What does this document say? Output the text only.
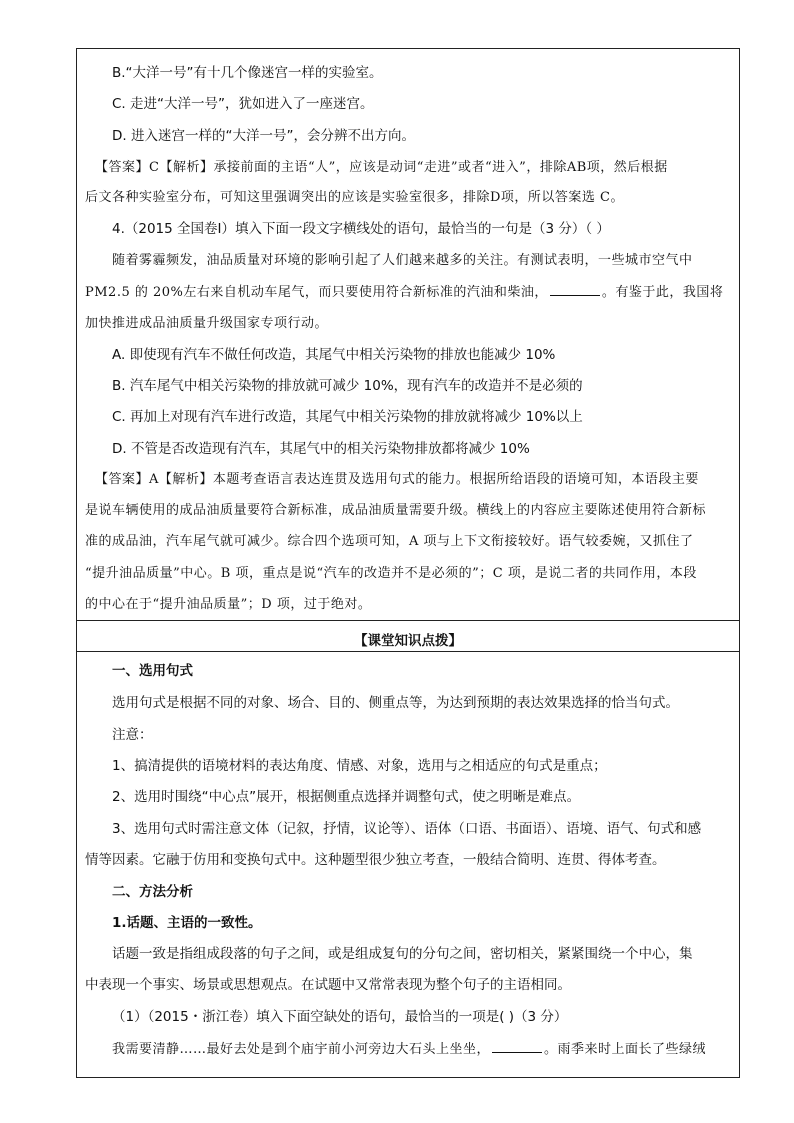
B.“大洋一号”有十几个像迷宫一样的实验室。
C. 走进“大洋一号”，犹如进入了一座迷宫。
D. 进入迷宫一样的“大洋一号”，会分辨不出方向。
【答案】C【解析】承接前面的主语“人”，应该是动词“走进”或者“进入”，排除AB项，然后根据
后文各种实验室分布，可知这里强调突出的应该是实验室很多，排除D项，所以答案选 C。
4.（2015 全国卷Ⅰ）填入下面一段文字横线处的语句，最恰当的一句是（3 分）（ ）
随着雾霾频发，油品质量对环境的影响引起了人们越来越多的关注。有测试表明，一些城市空气中
PM2.5 的 20%左右来自机动车尾气，而只要使用符合新标准的汽油和柴油，	。有鉴于此，我国将
加快推进成品油质量升级国家专项行动。
A. 即使现有汽车不做任何改造，其尾气中相关污染物的排放也能减少 10%
B. 汽车尾气中相关污染物的排放就可减少 10%，现有汽车的改造并不是必须的
C. 再加上对现有汽车进行改造，其尾气中相关污染物的排放就将减少 10%以上
D. 不管是否改造现有汽车，其尾气中的相关污染物排放都将减少 10%
【答案】A【解析】本题考查语言表达连贯及选用句式的能力。根据所给语段的语境可知，本语段主要
是说车辆使用的成品油质量要符合新标准，成品油质量需要升级。横线上的内容应主要陈述使用符合新标
准的成品油，汽车尾气就可减少。综合四个选项可知，A 项与上下文衔接较好。语气较委婉，又抓住了
“提升油品质量”中心。B 项，重点是说“汽车的改造并不是必须的”；C 项，是说二者的共同作用，本段
的中心在于“提升油品质量”；D 项，过于绝对。
【课堂知识点拨】
一、选用句式
选用句式是根据不同的对象、场合、目的、侧重点等，为达到预期的表达效果选择的恰当句式。
注意：
1、搞清提供的语境材料的表达角度、情感、对象，选用与之相适应的句式是重点；
2、选用时围绕“中心点”展开，根据侧重点选择并调整句式，使之明晰是难点。
3、选用句式时需注意文体（记叙，抒情，议论等）、语体（口语、书面语）、语境、语气、句式和感
情等因素。它融于仿用和变换句式中。这种题型很少独立考查，一般结合简明、连贯、得体考查。
二、方法分析
1.话题、主语的一致性。
话题一致是指组成段落的句子之间，或是组成复句的分句之间，密切相关，紧紧围绕一个中心，集
中表现一个事实、场景或思想观点。在试题中又常常表现为整个句子的主语相同。
（1）（2015・浙江卷）填入下面空缺处的语句，最恰当的一项是( )（3 分）
我需要清静……最好去处是到个庙宇前小河旁边大石头上坐坐，	。雨季来时上面长了些绿绒
